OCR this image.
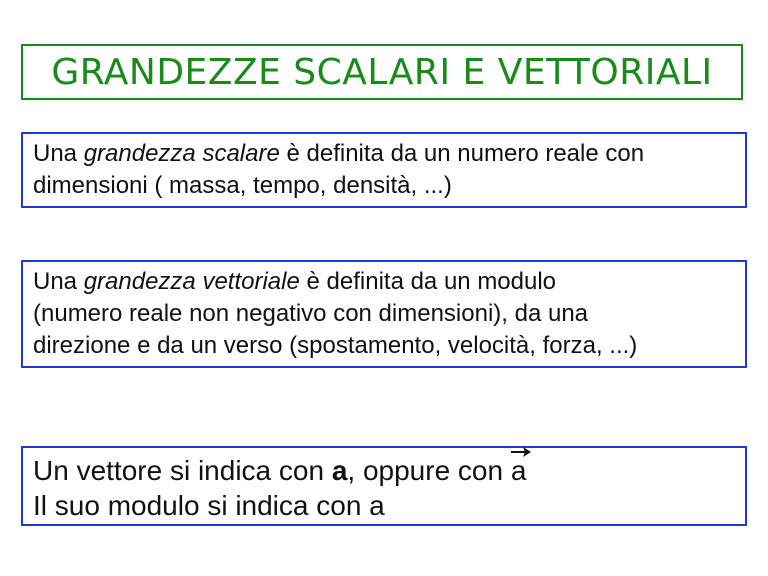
GRANDEZZE SCALARI E VETTORIALI
Una grandezza scalare è definita da un numero reale con
dimensioni ( massa, tempo, densità, ...)
Una grandezza vettoriale è definita da un modulo
(numero reale non negativo con dimensioni), da una
direzione e da un verso (spostamento, velocità, forza, ...)
Un vettore si indica con a, oppure con
a
Il suo modulo si indica con a
